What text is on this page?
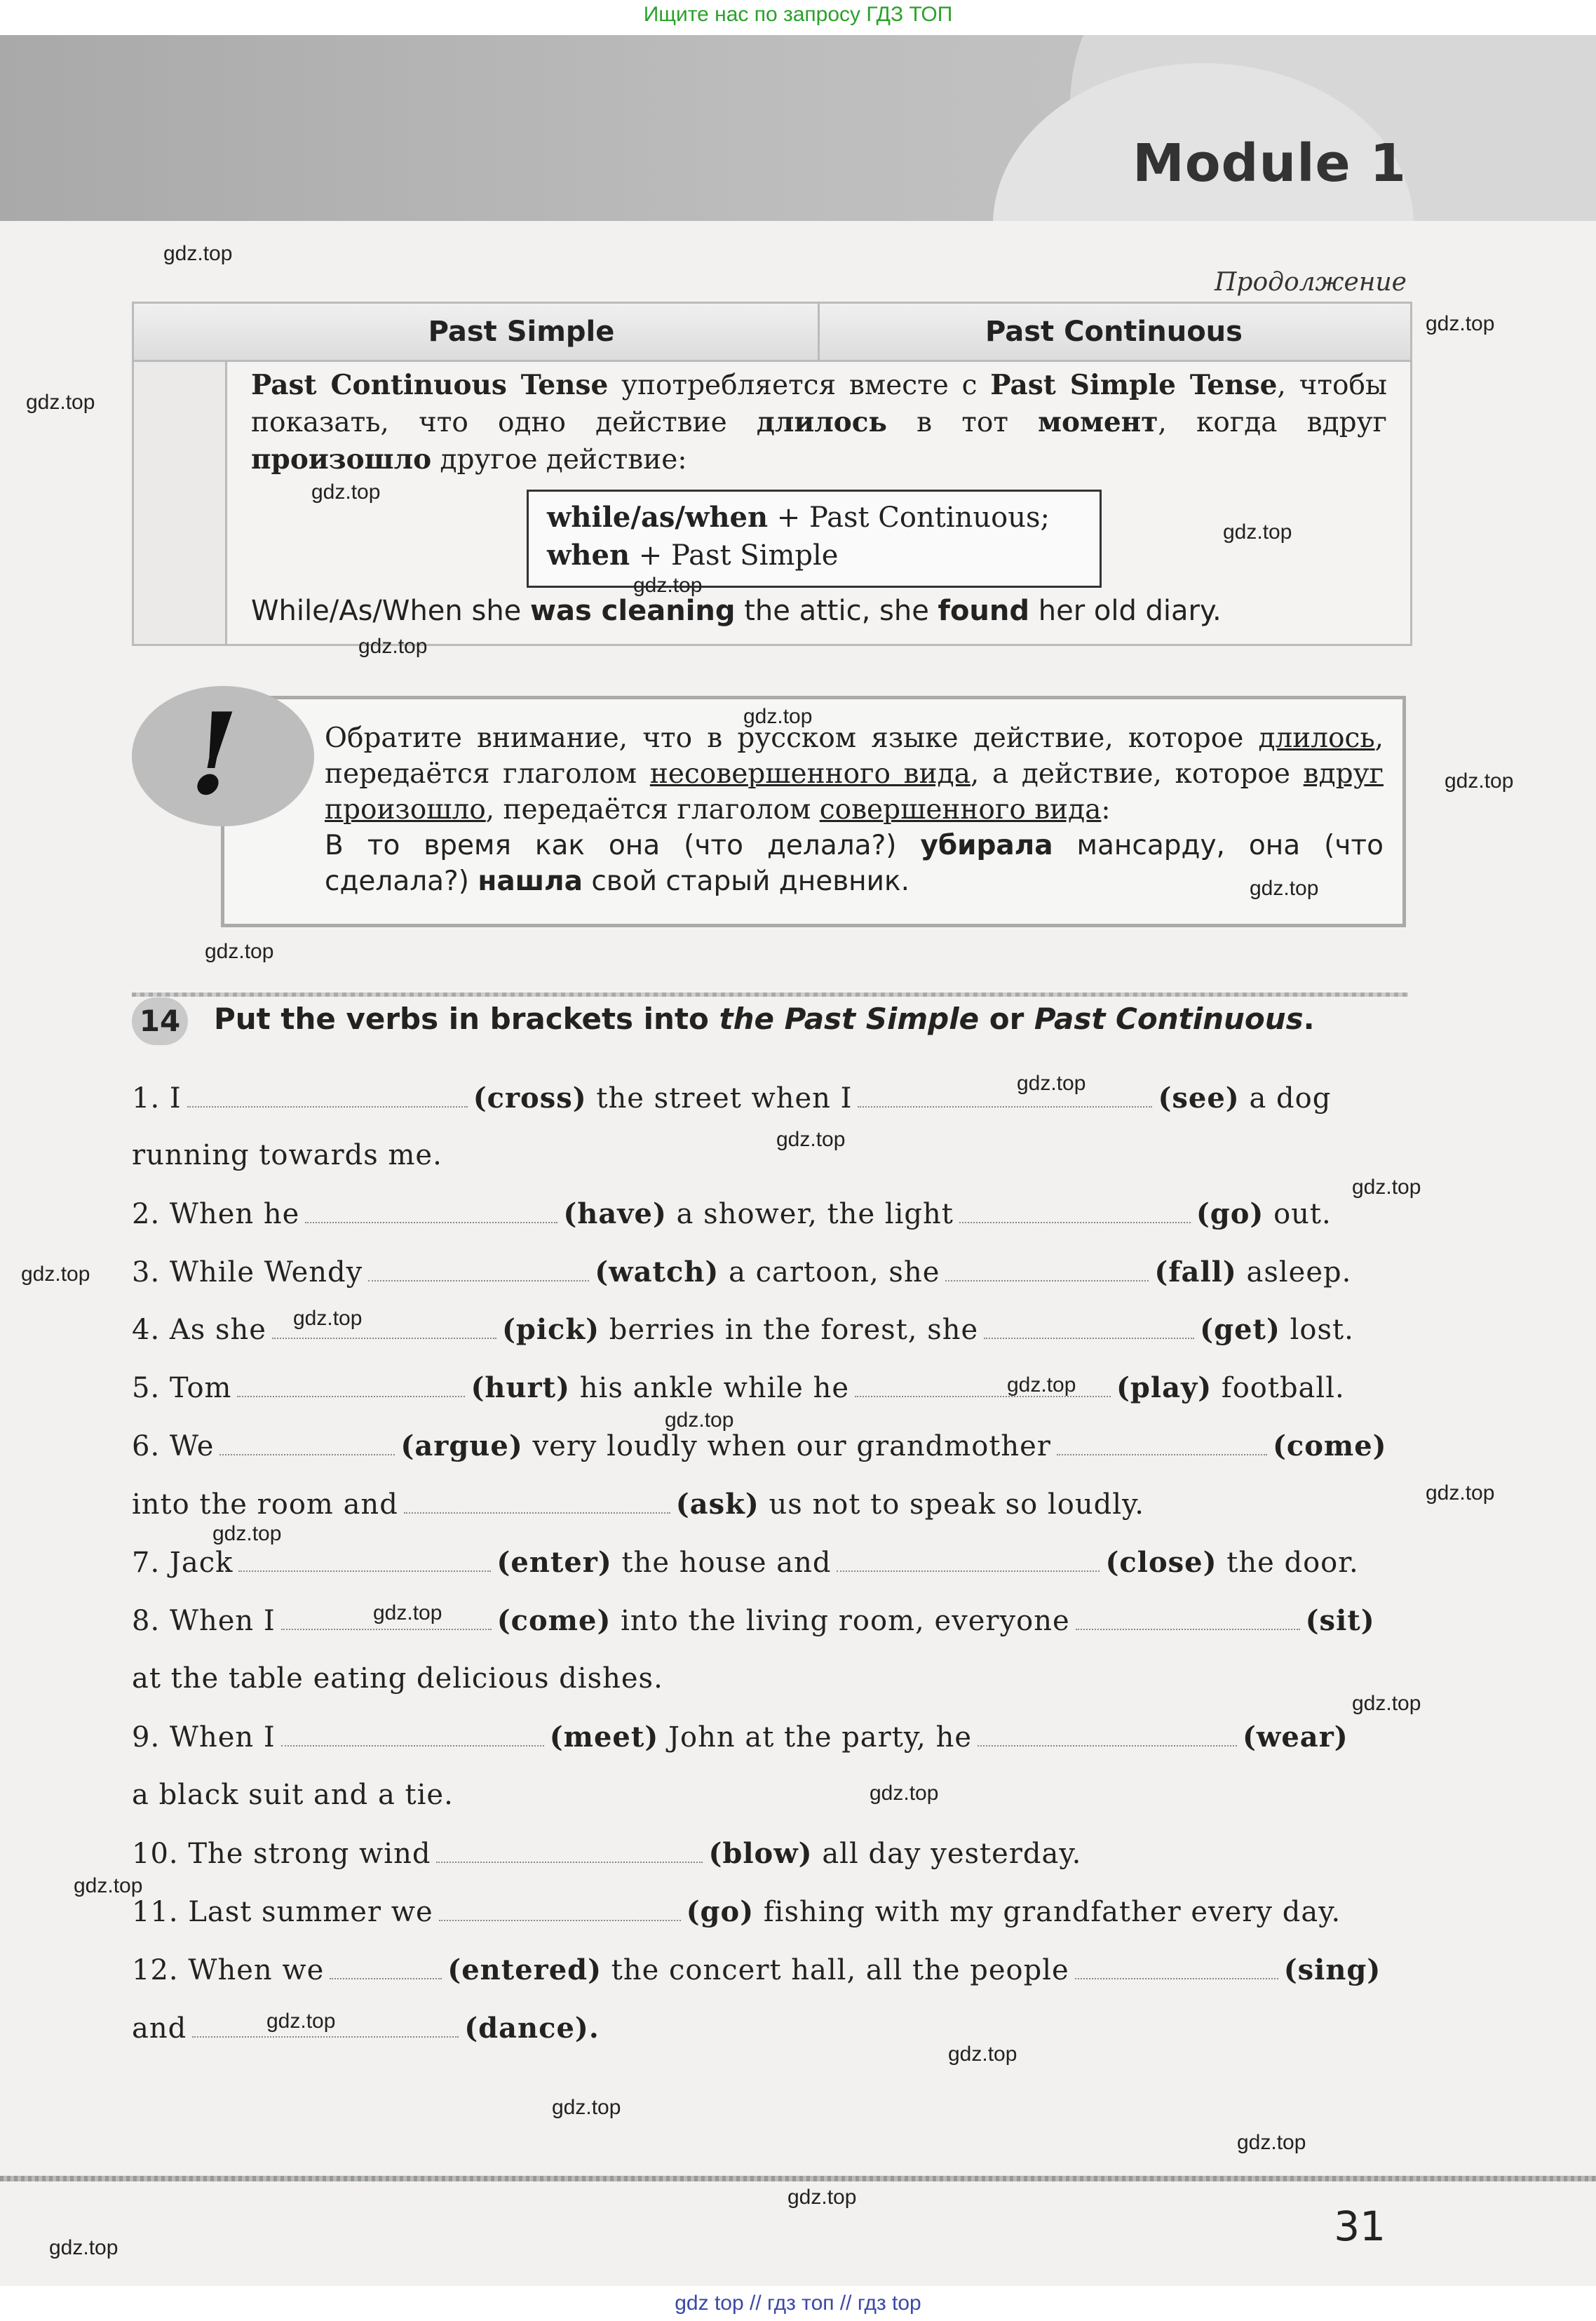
Ищите нас по запросу ГДЗ ТОП
Module 1
Продолжение
Past Simple	Past Continuous
Past Continuous Tense употребляется вместе с Past Simple Tense, чтобы показать, что одно действие длилось в тот момент, когда вдруг произошло другое действие:
while/as/when + Past Continuous;
when + Past Simple
While/As/When she was cleaning the attic, she found her old diary.
!	Обратите внимание, что в русском языке действие, которое длилось, передаётся глаголом несовершенного вида, а действие, которое вдруг произошло, передаётся глаголом совершенного вида:
В то время как она (что делала?) убирала мансарду, она (что сделала?) нашла свой старый дневник.
14 Put the verbs in brackets into the Past Simple or Past Continuous.
1. I	(cross) the street when I	(see) a dog
running towards me.
2. When he	(have) a shower, the light	(go) out.
3. While Wendy	(watch) a cartoon, she	(fall) asleep.
4. As she	(pick) berries in the forest, she	(get) lost.
5. Tom	(hurt) his ankle while he	(play) football.
6. We	(argue) very loudly when our grandmother	(come)
into the room and	(ask) us not to speak so loudly.
7. Jack	(enter) the house and	(close) the door.
8. When I	(come) into the living room, everyone	(sit)
at the table eating delicious dishes.
9. When I	(meet) John at the party, he	(wear)
a black suit and a tie.
10. The strong wind	(blow) all day yesterday.
11. Last summer we	(go) fishing with my grandfather every day.
12. When we	(entered) the concert hall, all the people	(sing)
and	(dance).
31
gdz top // гдз топ // гдз top
gdz.top
gdz.top
gdz.top
gdz.top
gdz.top
gdz.top
gdz.top
gdz.top
gdz.top
gdz.top
gdz.top
gdz.top
gdz.top
gdz.top
gdz.top
gdz.top
gdz.top
gdz.top
gdz.top
gdz.top
gdz.top
gdz.top
gdz.top
gdz.top
gdz.top
gdz.top
gdz.top
gdz.top
gdz.top
gdz.top
